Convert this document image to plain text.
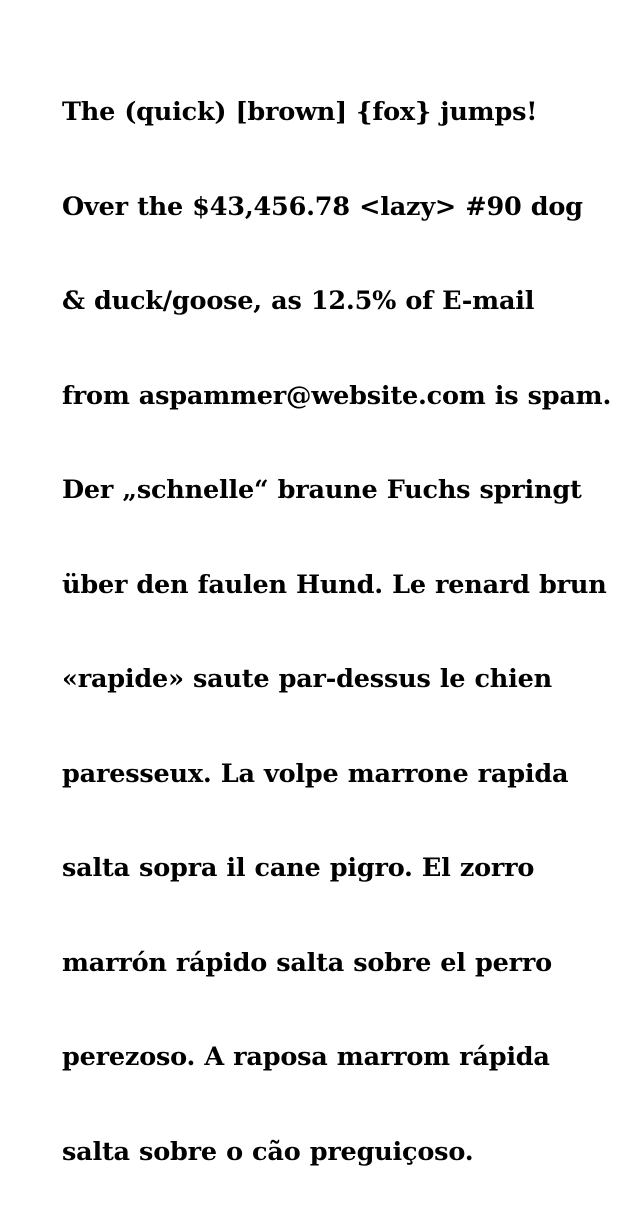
The (quick) [brown] {fox} jumps!

Over the $43,456.78 <lazy> #90 dog

& duck/goose, as 12.5% of E-mail

from aspammer@website.com is spam.

Der „schnelle“ braune Fuchs springt

über den faulen Hund. Le renard brun

«rapide» saute par-dessus le chien

paresseux. La volpe marrone rapida

salta sopra il cane pigro. El zorro

marrón rápido salta sobre el perro

perezoso. A raposa marrom rápida

salta sobre o cão preguiçoso.
